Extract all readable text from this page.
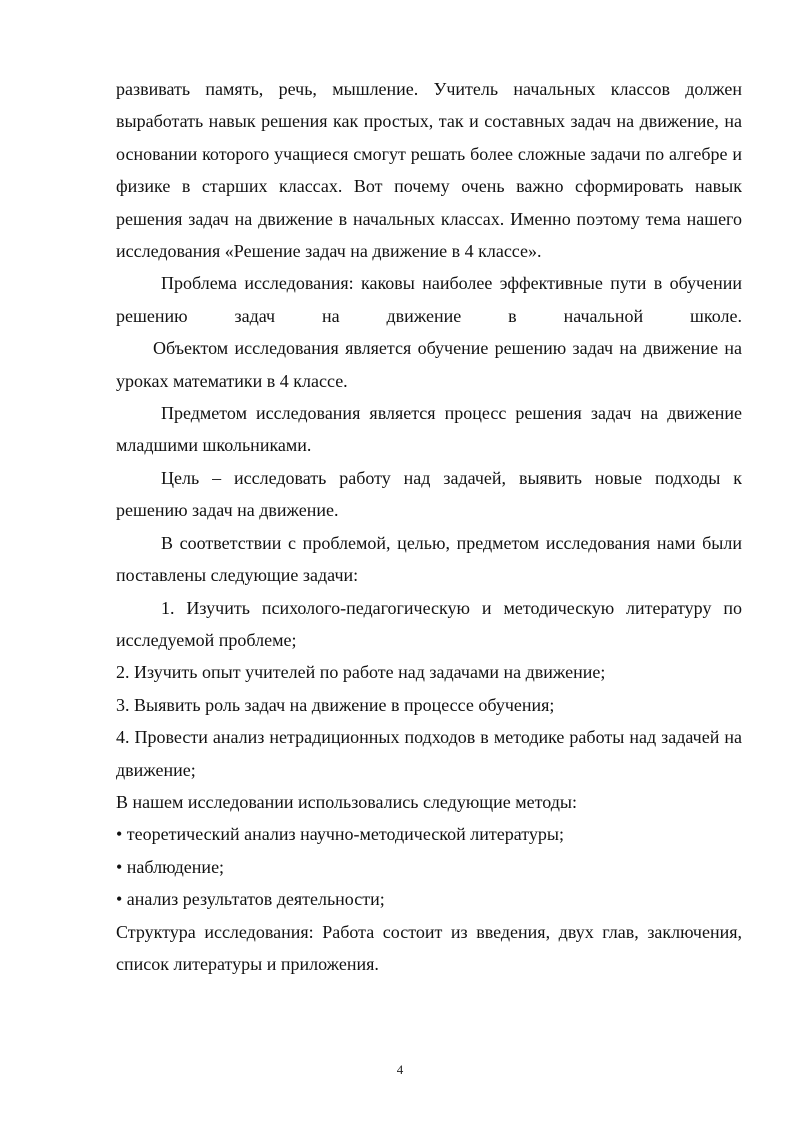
развивать память, речь, мышление. Учитель начальных классов должен выработать навык решения как простых, так и составных задач на движение, на основании которого учащиеся смогут решать более сложные задачи по алгебре и физике в старших классах. Вот почему очень важно сформировать навык решения задач на движение в начальных классах. Именно поэтому тема нашего исследования «Решение задач на движение в 4 классе».

Проблема исследования: каковы наиболее эффективные пути в обучении решению задач на движение в начальной школе.

Объектом исследования является обучение решению задач на движение на уроках математики в 4 классе.

Предметом исследования является процесс решения задач на движение младшими школьниками.

Цель – исследовать работу над задачей, выявить новые подходы к решению задач на движение.

В соответствии с проблемой, целью, предметом исследования нами были поставлены следующие задачи:

1. Изучить психолого-педагогическую и методическую литературу по исследуемой проблеме;

2. Изучить опыт учителей по работе над задачами на движение;

3. Выявить роль задач на движение в процессе обучения;

4. Провести анализ нетрадиционных подходов в методике работы над задачей на движение;

В нашем исследовании использовались следующие методы:

• теоретический анализ научно-методической литературы;

• наблюдение;

• анализ результатов деятельности;

Структура исследования: Работа состоит из введения, двух глав, заключения, список литературы и приложения.

4
